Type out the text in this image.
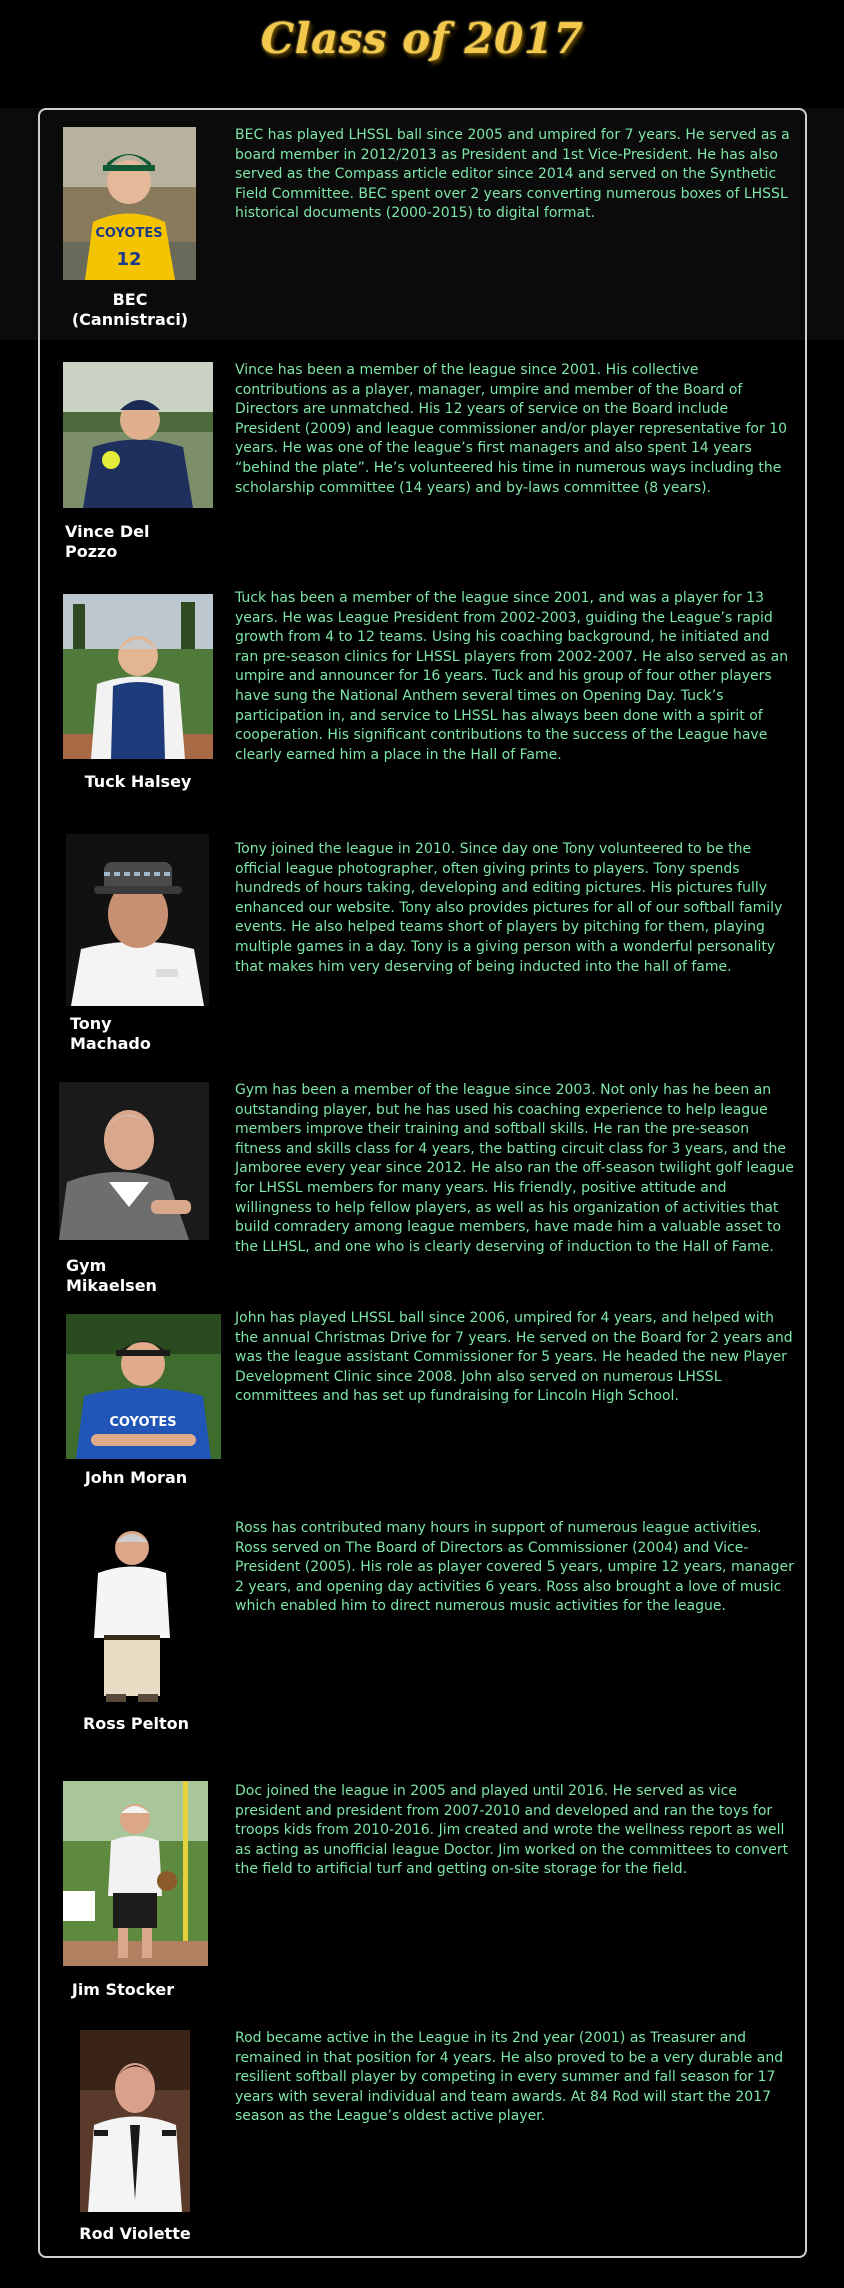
Class of 2017
COYOTES
12
BEC
(Cannistraci)
BEC has played LHSSL ball since 2005 and umpired for 7 years. He served as a board member in 2012/2013 as President and 1st Vice-President. He has also served as the Compass article editor since 2014 and served on the Synthetic Field Committee. BEC spent over 2 years converting numerous boxes of LHSSL historical documents (2000-2015) to digital format.
Vince Del
Pozzo
Vince has been a member of the league since 2001. His collective contributions as a player, manager, umpire and member of the Board of Directors are unmatched. His 12 years of service on the Board include President (2009) and league commissioner and/or player representative for 10 years. He was one of the league’s first managers and also spent 14 years “behind the plate”. He’s volunteered his time in numerous ways including the scholarship committee (14 years) and by-laws committee (8 years).
Tuck Halsey
Tuck has been a member of the league since 2001, and was a player for 13 years. He was League President from 2002-2003, guiding the League’s rapid growth from 4 to 12 teams. Using his coaching background, he initiated and ran pre-season clinics for LHSSL players from 2002-2007. He also served as an umpire and announcer for 16 years. Tuck and his group of four other players have sung the National Anthem several times on Opening Day. Tuck’s participation in, and service to LHSSL has always been done with a spirit of cooperation. His significant contributions to the success of the League have clearly earned him a place in the Hall of Fame.
Tony
Machado
Tony joined the league in 2010. Since day one Tony volunteered to be the official league photographer, often giving prints to players. Tony spends hundreds of hours taking, developing and editing pictures. His pictures fully enhanced our website. Tony also provides pictures for all of our softball family events. He also helped teams short of players by pitching for them, playing multiple games in a day. Tony is a giving person with a wonderful personality that makes him very deserving of being inducted into the hall of fame.
Gym
Mikaelsen
Gym has been a member of the league since 2003. Not only has he been an outstanding player, but he has used his coaching experience to help league members improve their training and softball skills. He ran the pre-season fitness and skills class for 4 years, the batting circuit class for 3 years, and the Jamboree every year since 2012. He also ran the off-season twilight golf league for LHSSL members for many years. His friendly, positive attitude and willingness to help fellow players, as well as his organization of activities that build comradery among league members, have made him a valuable asset to the LLHSL, and one who is clearly deserving of induction to the Hall of Fame.
COYOTES
John Moran
John has played LHSSL ball since 2006, umpired for 4 years, and helped with the annual Christmas Drive for 7 years. He served on the Board for 2 years and was the league assistant Commissioner for 5 years. He headed the new Player Development Clinic since 2008. John also served on numerous LHSSL committees and has set up fundraising for Lincoln High School.
Ross Pelton
Ross has contributed many hours in support of numerous league activities. Ross served on The Board of Directors as Commissioner (2004) and Vice- President (2005). His role as player covered 5 years, umpire 12 years, manager 2 years, and opening day activities 6 years. Ross also brought a love of music which enabled him to direct numerous music activities for the league.
Jim Stocker
Doc joined the league in 2005 and played until 2016. He served as vice president and president from 2007-2010 and developed and ran the toys for troops kids from 2010-2016. Jim created and wrote the wellness report as well as acting as unofficial league Doctor. Jim worked on the committees to convert the field to artificial turf and getting on-site storage for the field.
Rod Violette
Rod became active in the League in its 2nd year (2001) as Treasurer and remained in that position for 4 years. He also proved to be a very durable and resilient softball player by competing in every summer and fall season for 17 years with several individual and team awards. At 84 Rod will start the 2017 season as the League’s oldest active player.
